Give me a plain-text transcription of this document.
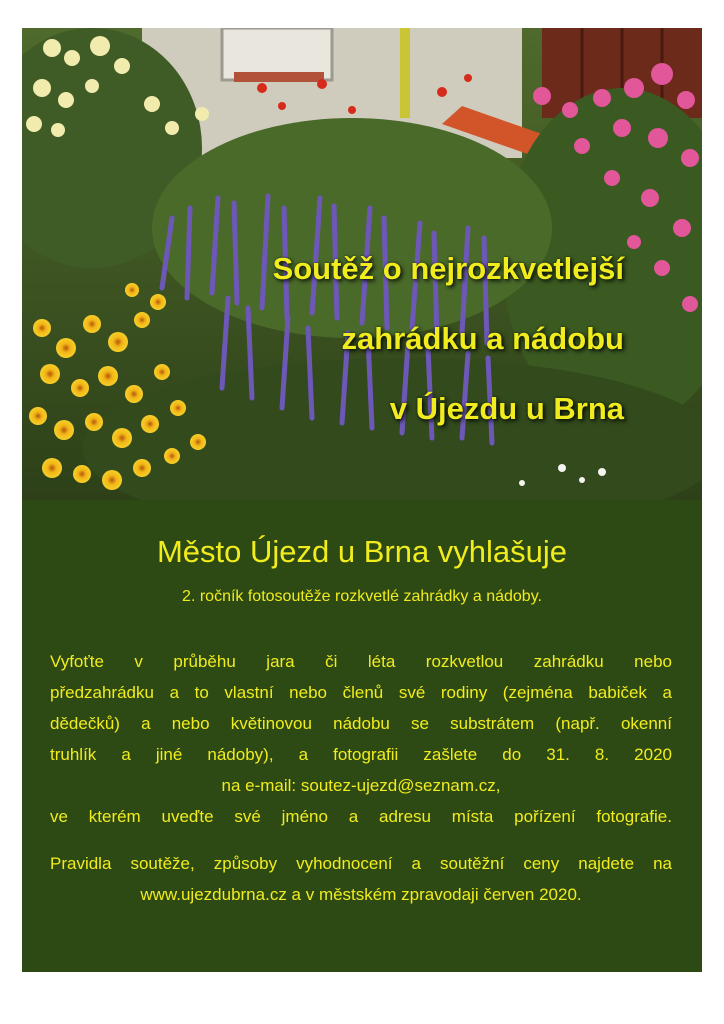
Soutěž o nejrozkvetlejší
zahrádku a nádobu
v Újezdu u Brna
Město Újezd u Brna vyhlašuje
2. ročník fotosoutěže rozkvetlé zahrádky a nádoby.
Vyfoťte v průběhu jara či léta rozkvetlou zahrádku nebo
předzahrádku a to vlastní nebo členů své rodiny (zejména babiček a
dědečků) a nebo květinovou nádobu se substrátem (např. okenní
truhlík a jiné nádoby), a fotografii zašlete do 31. 8. 2020
na e-mail: soutez-ujezd@seznam.cz,
ve kterém uveďte své jméno a adresu místa pořízení fotografie.
Pravidla soutěže, způsoby vyhodnocení a soutěžní ceny najdete na
www.ujezdubrna.cz a v městském zpravodaji červen 2020.
